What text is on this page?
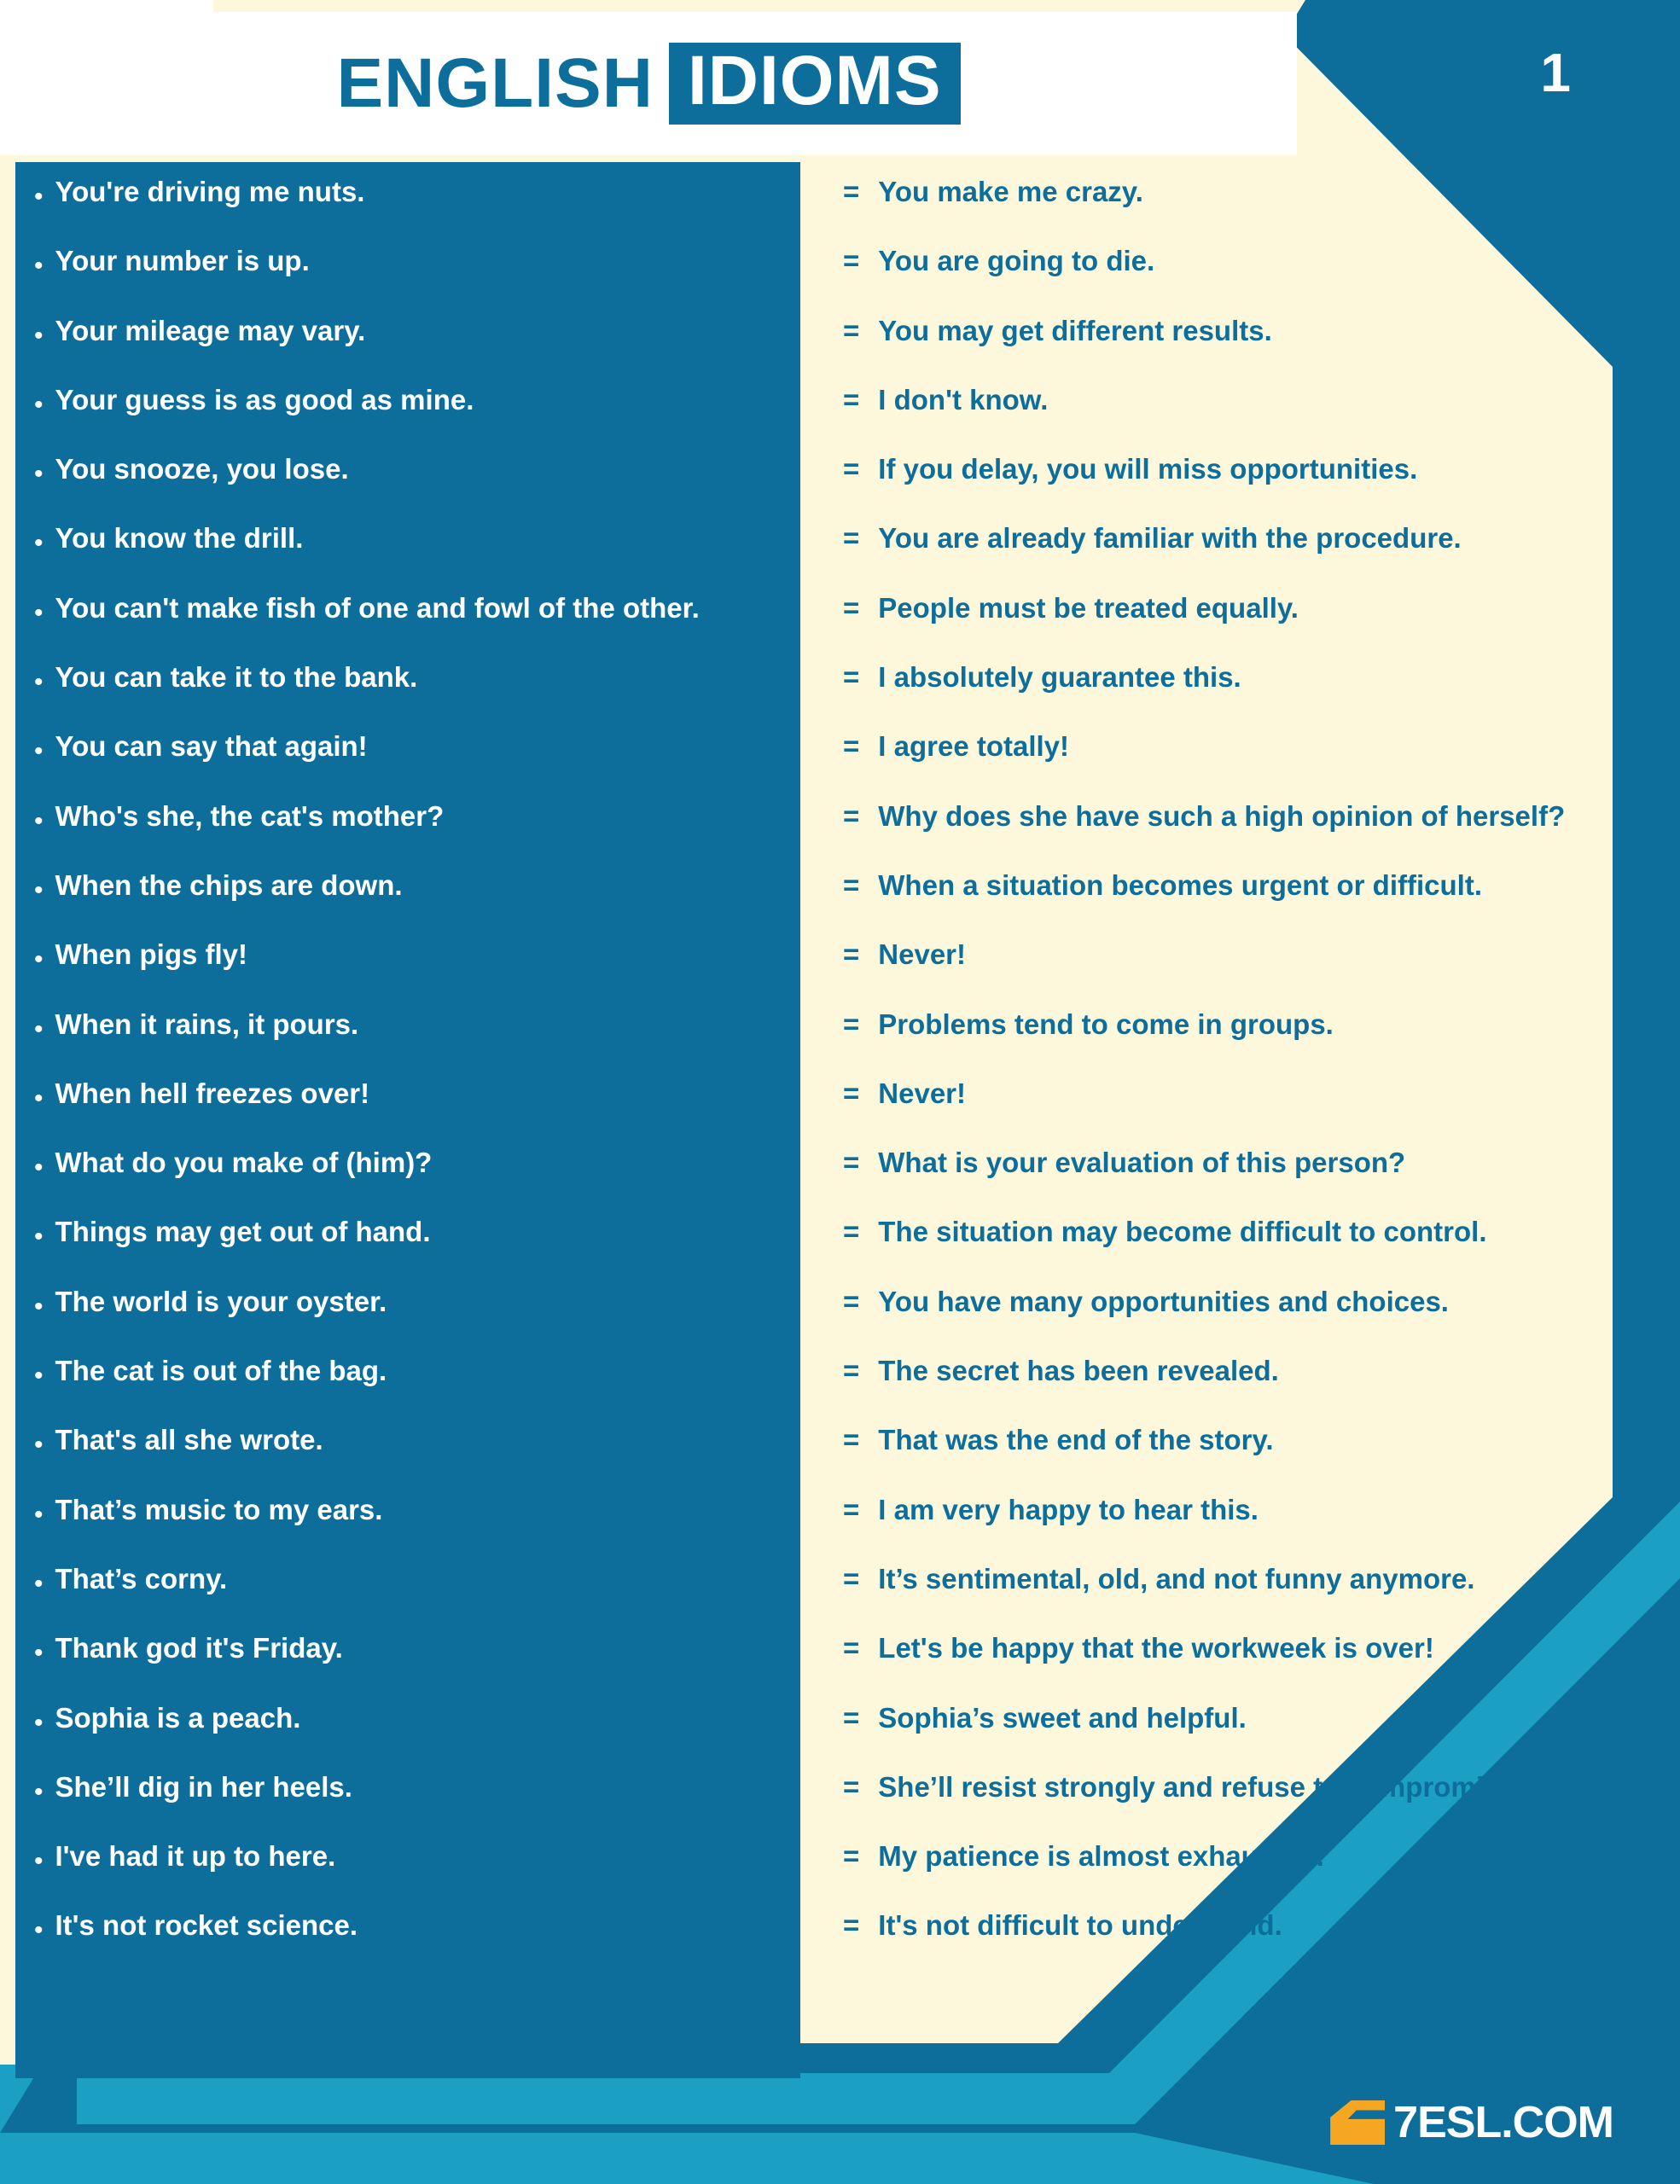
ENGLISH IDIOMS	1
• You're driving me nuts.	= You make me crazy.
• Your number is up.	= You are going to die.
• Your mileage may vary.	= You may get different results.
• Your guess is as good as mine.	= I don't know.
• You snooze, you lose.	= If you delay, you will miss opportunities.
• You know the drill.	= You are already familiar with the procedure.
• You can't make fish of one and fowl of the other.	= People must be treated equally.
• You can take it to the bank.	= I absolutely guarantee this.
• You can say that again!	= I agree totally!
• Who's she, the cat's mother?	= Why does she have such a high opinion of herself?
• When the chips are down.	= When a situation becomes urgent or difficult.
• When pigs fly!	= Never!
• When it rains, it pours.	= Problems tend to come in groups.
• When hell freezes over!	= Never!
• What do you make of (him)?	= What is your evaluation of this person?
• Things may get out of hand.	= The situation may become difficult to control.
• The world is your oyster.	= You have many opportunities and choices.
• The cat is out of the bag.	= The secret has been revealed.
• That's all she wrote.	= That was the end of the story.
• That’s music to my ears.	= I am very happy to hear this.
• That’s corny.	= It’s sentimental, old, and not funny anymore.
• Thank god it's Friday.	= Let's be happy that the workweek is over!
• Sophia is a peach.	= Sophia’s sweet and helpful.
• She’ll dig in her heels.	= She’ll resist strongly and refuse to compromise.
• I've had it up to here.	= My patience is almost exhausted.
• It's not rocket science.	= It's not difficult to understand.
7ESL.COM
